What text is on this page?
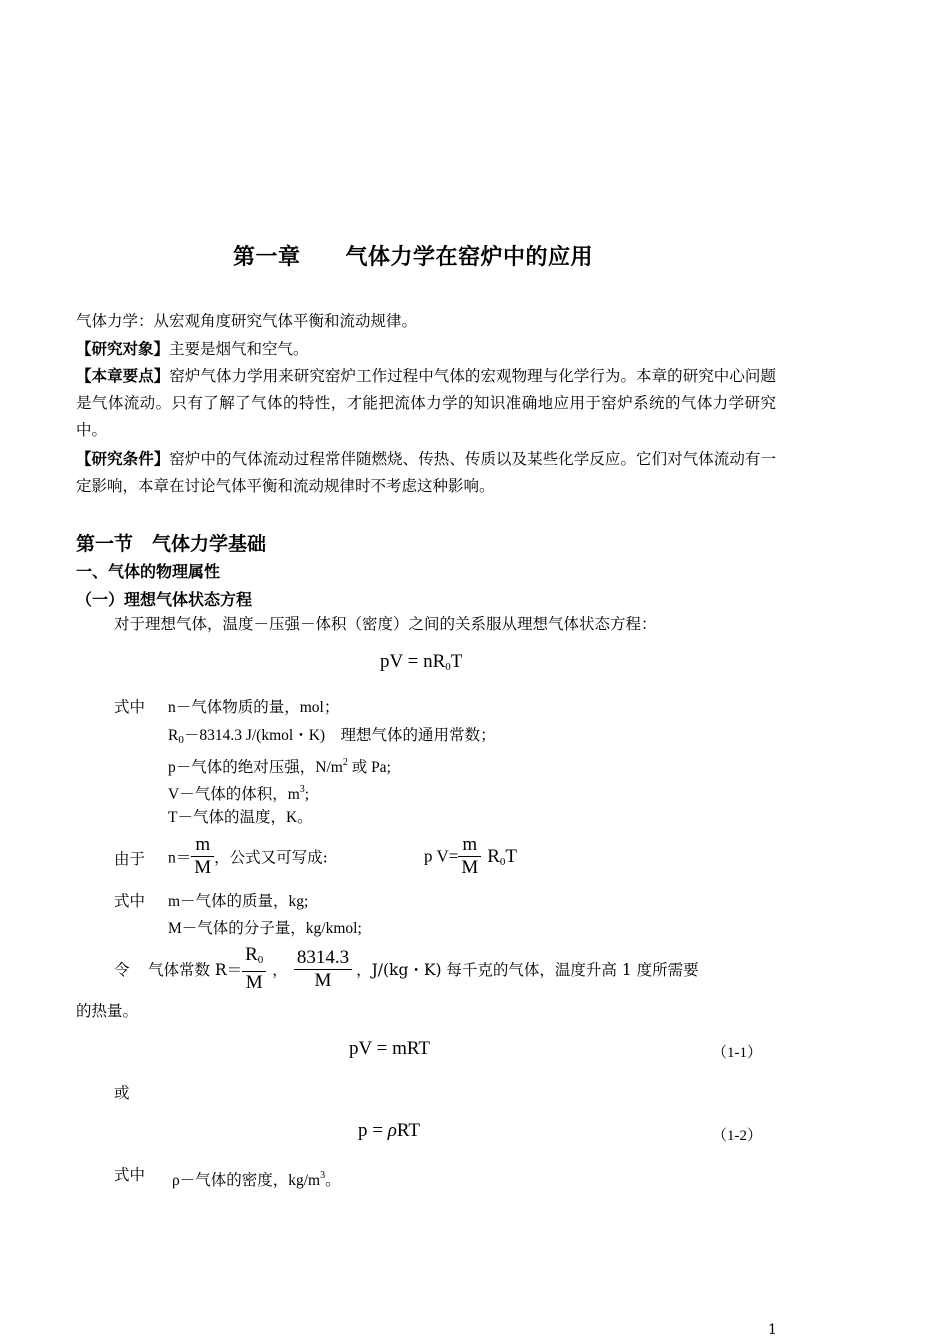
第一章　　气体力学在窑炉中的应用
气体力学：从宏观角度研究气体平衡和流动规律。
【研究对象】主要是烟气和空气。
【本章要点】窑炉气体力学用来研究窑炉工作过程中气体的宏观物理与化学行为。本章的研究中心问题是气体流动。只有了解了气体的特性，才能把流体力学的知识准确地应用于窑炉系统的气体力学研究中。
【研究条件】窑炉中的气体流动过程常伴随燃烧、传热、传质以及某些化学反应。它们对气体流动有一定影响，本章在讨论气体平衡和流动规律时不考虑这种影响。
第一节　气体力学基础
一、气体的物理属性
（一）理想气体状态方程
对于理想气体，温度－压强－体积（密度）之间的关系服从理想气体状态方程：
pV = $nR_0T$
式中 n－气体物质的量，mol；
$R_0-8314.3$ J/(kmol・K)　理想气体的通用常数；
p－气体的绝对压强，$N/m^2$ 或 Pa;
V－气体的体积，$m^3$;
T－气体的温度，K。
由于 $n= \frac{m}{M}$ ，公式又可写成:	p $V= \frac{m}{M} R_0T$
式中 m－气体的质量，kg;
M－气体的分子量，kg/kmol;
令 气体常数 $R= \frac{R_0}{M}$ ， $\frac{8314.3}{M}$ ，J/(kg・K) 每千克的气体，温度升高 1 度所需要
的热量。
pV = mRT	（1-1）
或
p = ρRT	（1-2）
式中 ρ－气体的密度，$kg/m^3$。
1
